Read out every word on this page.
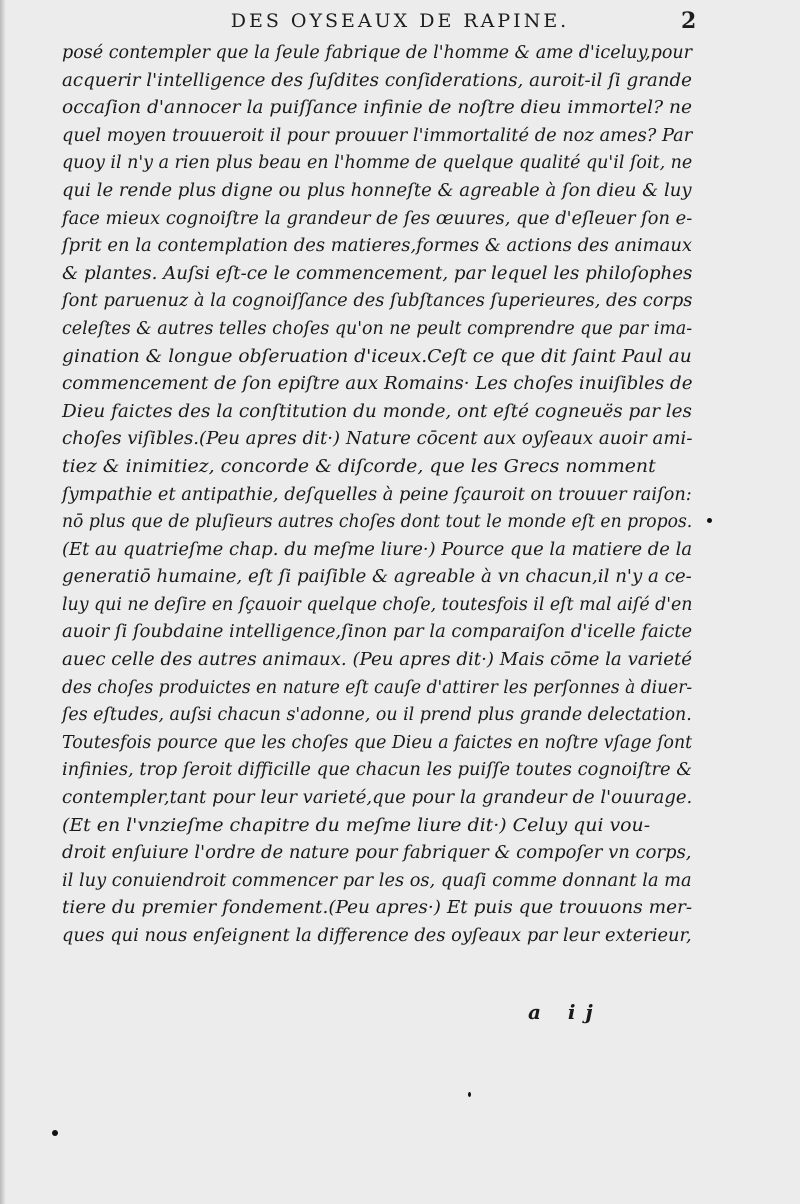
DES OYSEAUX DE RAPINE.	2
posé contempler que la ſeule fabrique de l'homme & ame d'iceluy,pour
acquerir l'intelligence des ſuſdites conſiderations, auroit-il ſi grande
occaſion d'annocer la puiſſance infinie de noſtre dieu immortel? ne
quel moyen trouueroit il pour prouuer l'immortalité de noz ames? Par
quoy il n'y a rien plus beau en l'homme de quelque qualité qu'il ſoit, ne
qui le rende plus digne ou plus honneſte & agreable à ſon dieu & luy
face mieux cognoiſtre la grandeur de ſes œuures, que d'eſleuer ſon e-
ſprit en la contemplation des matieres,formes & actions des animaux
& plantes. Auſsi eſt-ce le commencement, par lequel les philoſophes
ſont paruenuz à la cognoiſſance des ſubſtances ſuperieures, des corps
celeſtes & autres telles choſes qu'on ne peult comprendre que par ima-
gination & longue obſeruation d'iceux.Ceſt ce que dit ſaint Paul au
commencement de ſon epiſtre aux Romains· Les choſes inuiſibles de
Dieu faictes des la conſtitution du monde, ont eſté cogneuës par les
choſes viſibles.(Peu apres dit·) Nature cōcent aux oyſeaux auoir ami-
tiez & inimitiez, concorde & diſcorde, que les Grecs nomment
ſympathie et antipathie, deſquelles à peine ſçauroit on trouuer raiſon:
nō plus que de pluſieurs autres choſes dont tout le monde eſt en propos.
(Et au quatrieſme chap. du meſme liure·) Pource que la matiere de la
generatiō humaine, eſt ſi paiſible & agreable à vn chacun,il n'y a ce-
luy qui ne deſire en ſçauoir quelque choſe, toutesfois il eſt mal aiſé d'en
auoir ſi ſoubdaine intelligence,ſinon par la comparaiſon d'icelle faicte
auec celle des autres animaux. (Peu apres dit·) Mais cōme la varieté
des choſes produictes en nature eſt cauſe d'attirer les perſonnes à diuer-
ſes eſtudes, auſsi chacun s'adonne, ou il prend plus grande delectation.
Toutesfois pource que les choſes que Dieu a faictes en noſtre vſage ſont
infinies, trop ſeroit difficille que chacun les puiſſe toutes cognoiſtre &
contempler,tant pour leur varieté,que pour la grandeur de l'ouurage.
(Et en l'vnzieſme chapitre du meſme liure dit·) Celuy qui vou-
droit enſuiure l'ordre de nature pour fabriquer & compoſer vn corps,
il luy conuiendroit commencer par les os, quaſi comme donnant la ma
tiere du premier fondement.(Peu apres·) Et puis que trouuons mer-
ques qui nous enſeignent la difference des oyſeaux par leur exterieur,
a ij
